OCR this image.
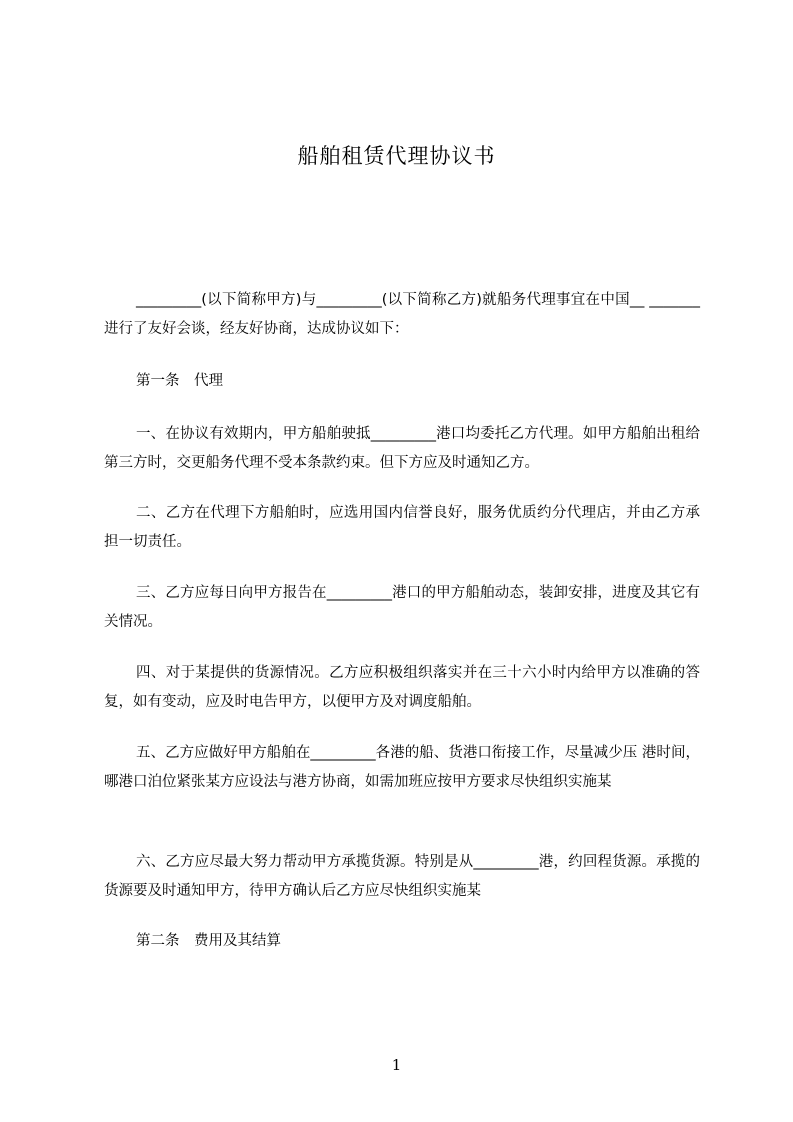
船舶租赁代理协议书

_________(以下简称甲方)与_________(以下简称乙方)就船务代理事宜在中国__ _______进行了友好会谈，经友好协商，达成协议如下：

第一条　代理

一、在协议有效期内，甲方船舶驶抵_________港口均委托乙方代理。如甲方船舶出租给第三方时，交更船务代理不受本条款约束。但下方应及时通知乙方。

二、乙方在代理下方船舶时，应选用国内信誉良好，服务优质约分代理店，并由乙方承担一切责任。

三、乙方应每日向甲方报告在_________港口的甲方船舶动态，装卸安排，进度及其它有关情况。

四、对于某提供的货源情况。乙方应积极组织落实并在三十六小时内给甲方以准确的答复，如有变动，应及时电告甲方，以便甲方及对调度船舶。

五、乙方应做好甲方船舶在_________各港的船、货港口衔接工作，尽量减少压 港时间，哪港口泊位紧张某方应设法与港方协商，如需加班应按甲方要求尽快组织实施某

六、乙方应尽最大努力帮动甲方承揽货源。特别是从_________港，约回程货源。承揽的货源要及时通知甲方，待甲方确认后乙方应尽快组织实施某

第二条　费用及其结算

1
